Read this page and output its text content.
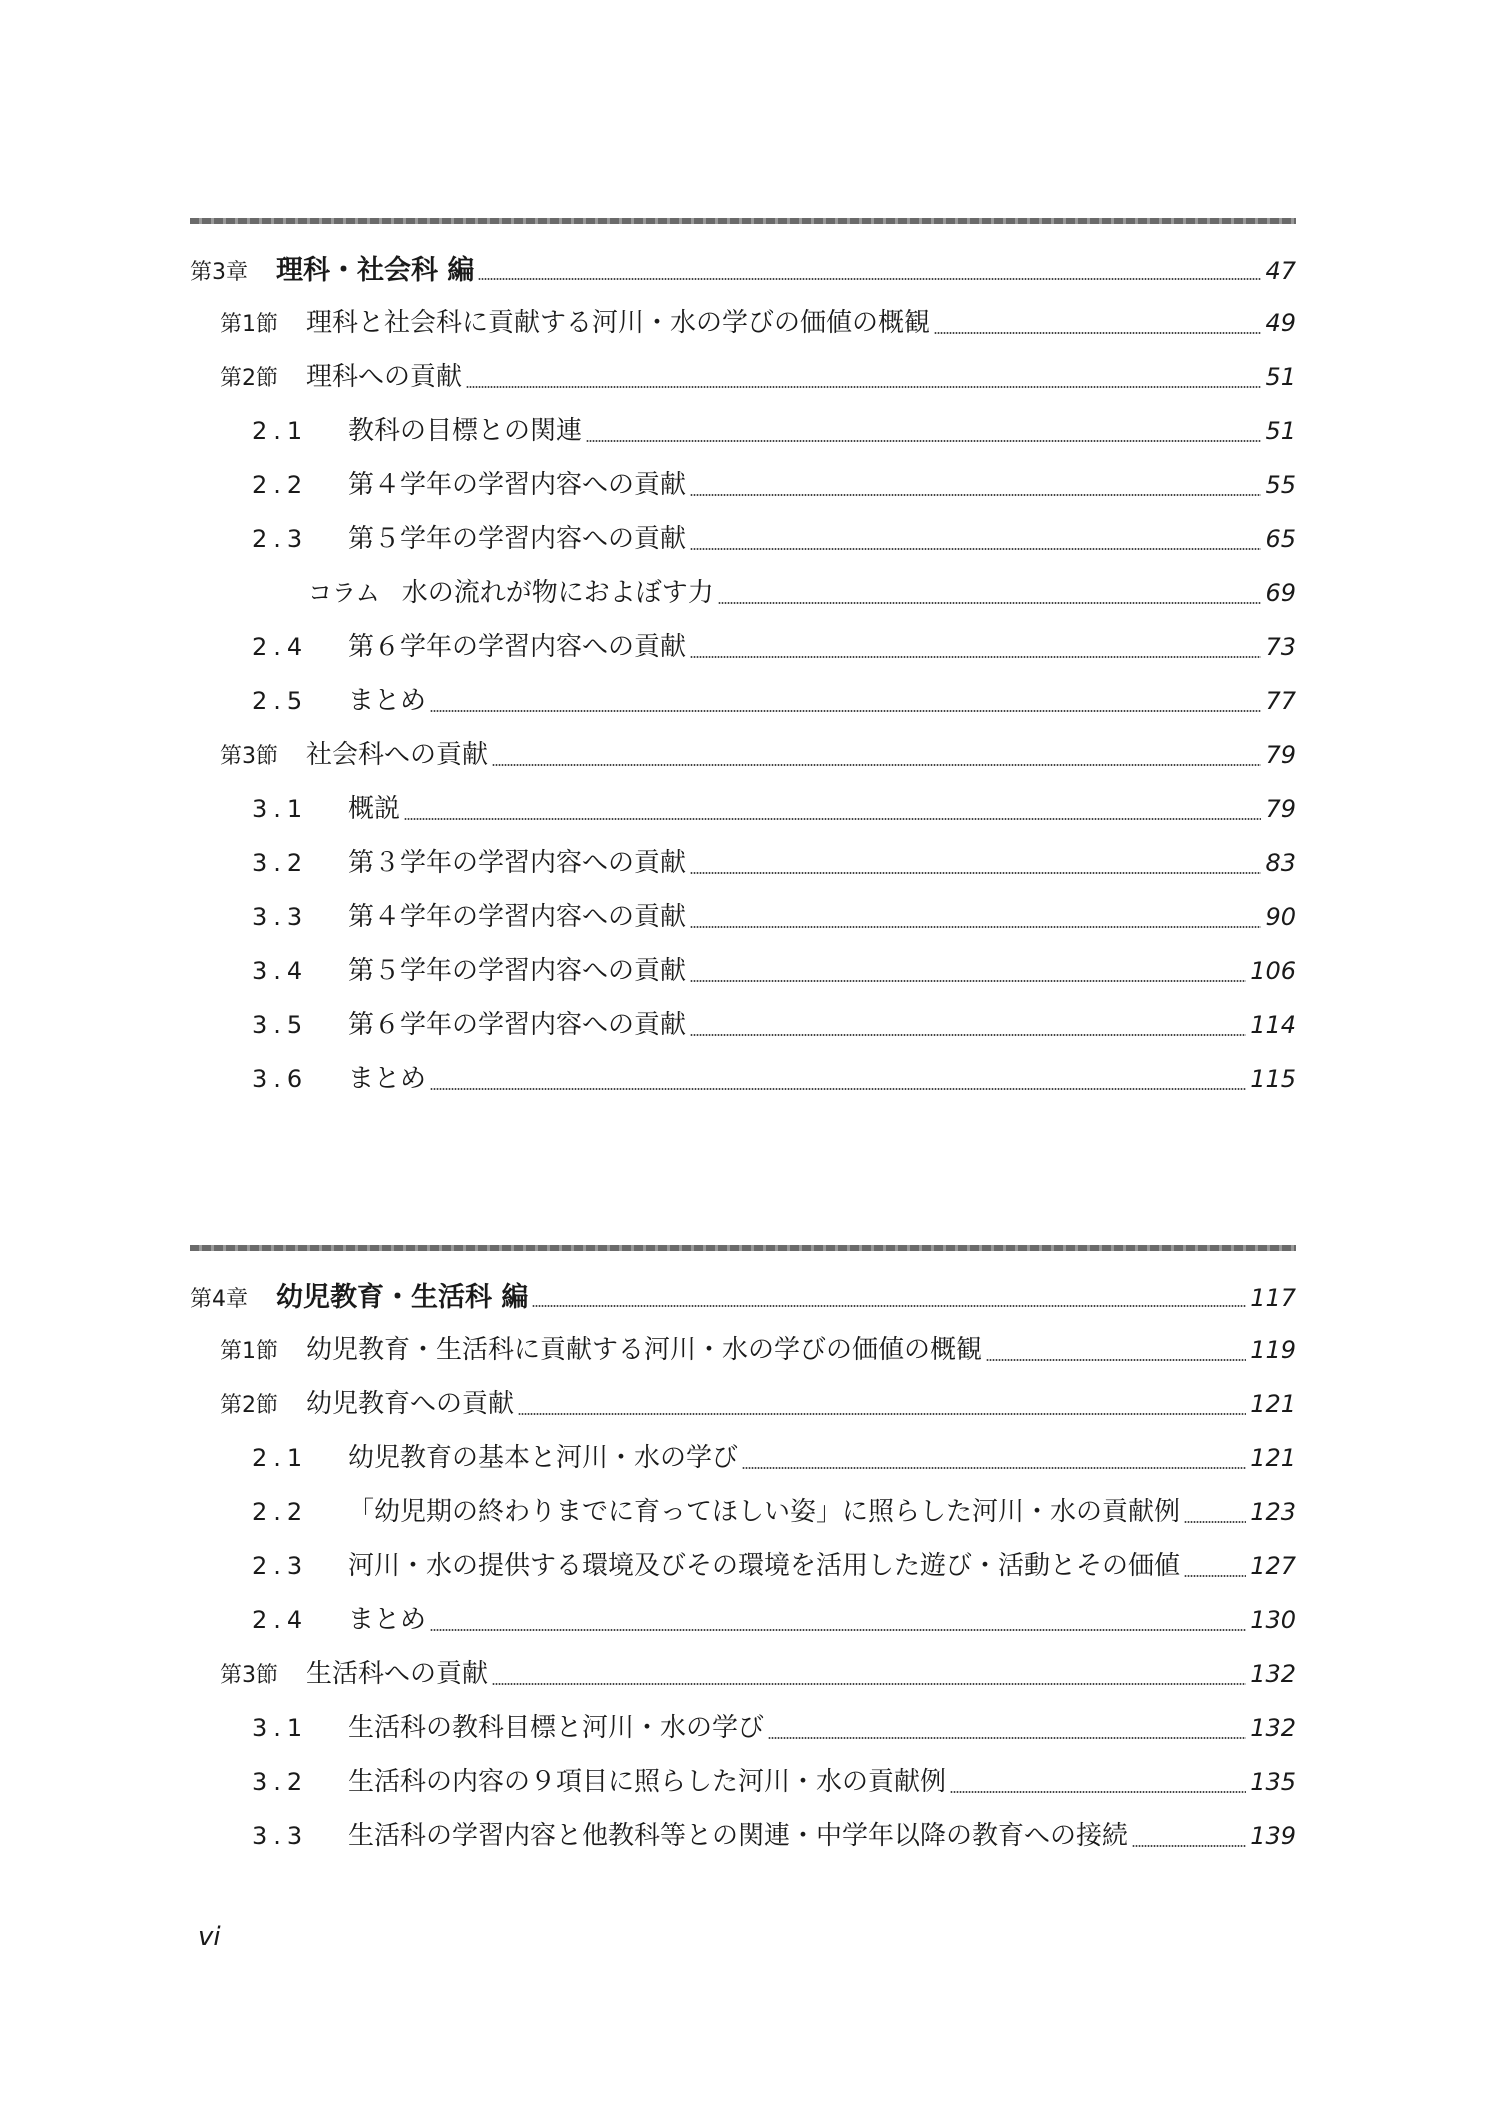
第3章 理科・社会科 編	47
第1節 理科と社会科に貢献する河川・水の学びの価値の概観	49
第2節 理科への貢献	51
2.1	教科の目標との関連	51
2.2	第４学年の学習内容への貢献	55
2.3	第５学年の学習内容への貢献	65
コラム 水の流れが物におよぼす力	69
2.4	第６学年の学習内容への貢献	73
2.5	まとめ	77
第3節 社会科への貢献	79
3.1	概説	79
3.2	第３学年の学習内容への貢献	83
3.3	第４学年の学習内容への貢献	90
3.4	第５学年の学習内容への貢献	106
3.5	第６学年の学習内容への貢献	114
3.6	まとめ	115
第4章 幼児教育・生活科 編	117
第1節 幼児教育・生活科に貢献する河川・水の学びの価値の概観	119
第2節 幼児教育への貢献	121
2.1	幼児教育の基本と河川・水の学び	121
2.2	「幼児期の終わりまでに育ってほしい姿」に照らした河川・水の貢献例	123
2.3	河川・水の提供する環境及びその環境を活用した遊び・活動とその価値	127
2.4	まとめ	130
第3節 生活科への貢献	132
3.1	生活科の教科目標と河川・水の学び	132
3.2	生活科の内容の９項目に照らした河川・水の貢献例	135
3.3	生活科の学習内容と他教科等との関連・中学年以降の教育への接続	139
vi
